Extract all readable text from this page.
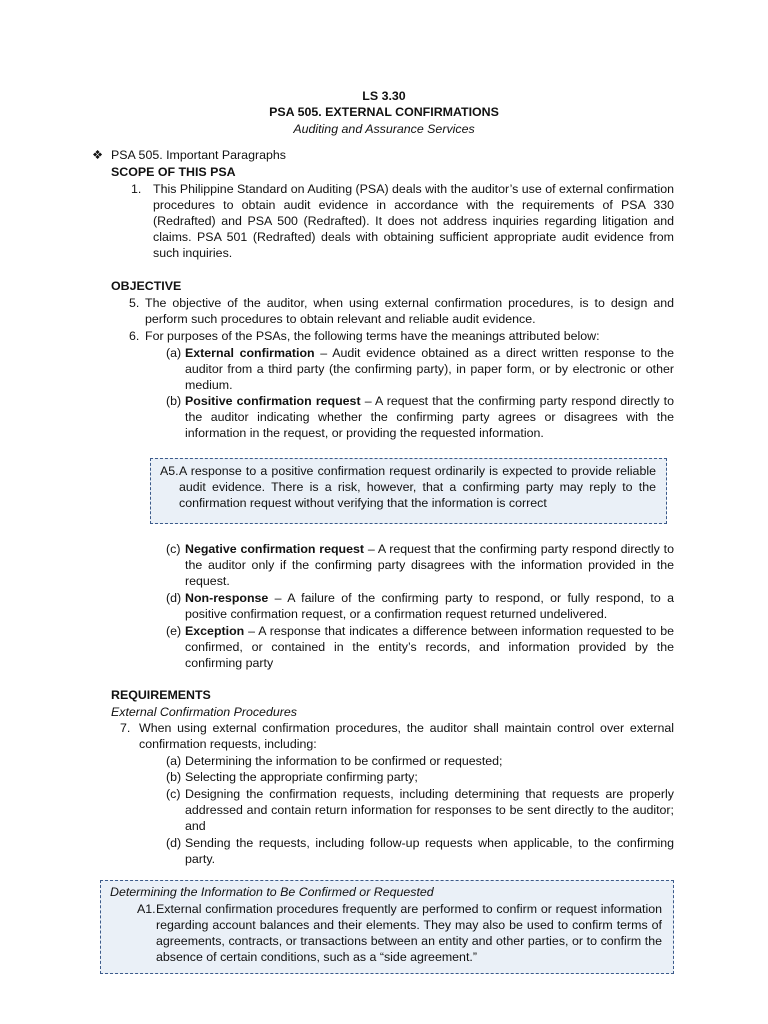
LS 3.30
PSA 505. EXTERNAL CONFIRMATIONS
Auditing and Assurance Services
❖ PSA 505. Important Paragraphs
SCOPE OF THIS PSA
1. This Philippine Standard on Auditing (PSA) deals with the auditor’s use of external confirmation procedures to obtain audit evidence in accordance with the requirements of PSA 330 (Redrafted) and PSA 500 (Redrafted). It does not address inquiries regarding litigation and claims. PSA 501 (Redrafted) deals with obtaining sufficient appropriate audit evidence from such inquiries.

OBJECTIVE
5. The objective of the auditor, when using external confirmation procedures, is to design and perform such procedures to obtain relevant and reliable audit evidence.

6. For purposes of the PSAs, the following terms have the meanings attributed below:

(a) External confirmation – Audit evidence obtained as a direct written response to the auditor from a third party (the confirming party), in paper form, or by electronic or other medium.

(b) Positive confirmation request – A request that the confirming party respond directly to the auditor indicating whether the confirming party agrees or disagrees with the information in the request, or providing the requested information.

A5. A response to a positive confirmation request ordinarily is expected to provide reliable audit evidence. There is a risk, however, that a confirming party may reply to the confirmation request without verifying that the information is correct

(c) Negative confirmation request – A request that the confirming party respond directly to the auditor only if the confirming party disagrees with the information provided in the request.

(d) Non-response – A failure of the confirming party to respond, or fully respond, to a positive confirmation request, or a confirmation request returned undelivered.

(e) Exception – A response that indicates a difference between information requested to be confirmed, or contained in the entity’s records, and information provided by the confirming party

REQUIREMENTS
External Confirmation Procedures
7. When using external confirmation procedures, the auditor shall maintain control over external confirmation requests, including:

(a) Determining the information to be confirmed or requested;

(b) Selecting the appropriate confirming party;

(c) Designing the confirmation requests, including determining that requests are properly addressed and contain return information for responses to be sent directly to the auditor; and

(d) Sending the requests, including follow-up requests when applicable, to the confirming party.

Determining the Information to Be Confirmed or Requested
A1. External confirmation procedures frequently are performed to confirm or request information regarding account balances and their elements. They may also be used to confirm terms of agreements, contracts, or transactions between an entity and other parties, or to confirm the absence of certain conditions, such as a “side agreement.”
